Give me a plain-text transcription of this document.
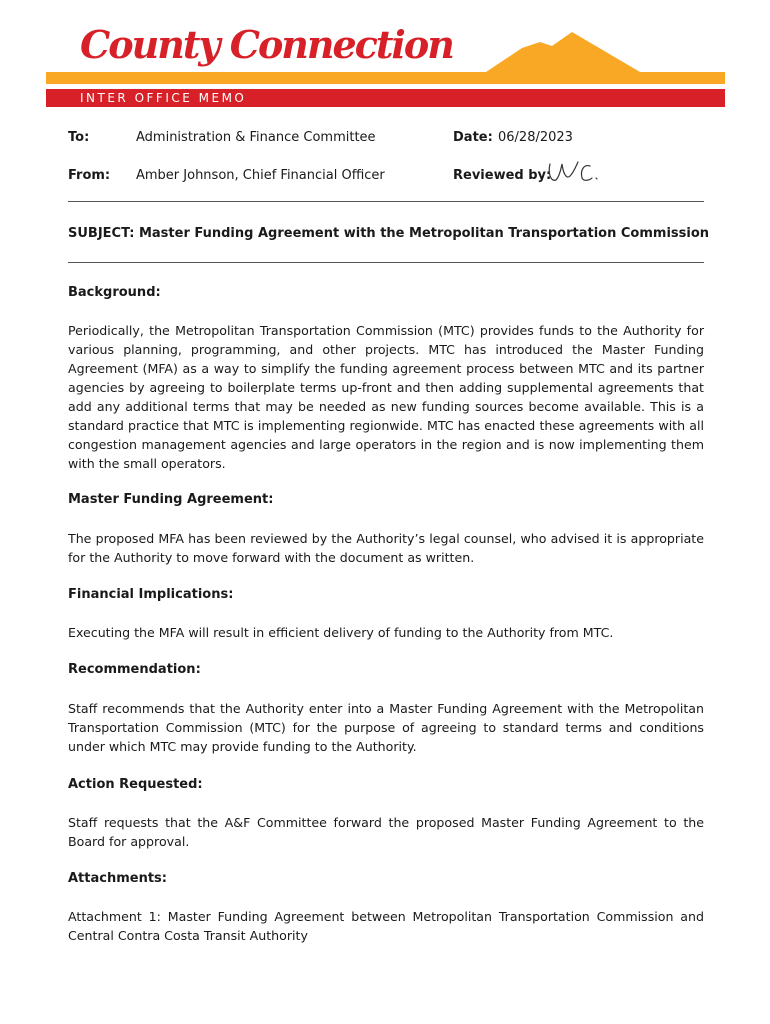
County Connection
INTER OFFICE MEMO
To:	Administration & Finance Committee	Date: 06/28/2023
From: Amber Johnson, Chief Financial Officer	Reviewed by:
SUBJECT: Master Funding Agreement with the Metropolitan Transportation Commission
Background:
Periodically, the Metropolitan Transportation Commission (MTC) provides funds to the Authority for various planning, programming, and other projects. MTC has introduced the Master Funding Agreement (MFA) as a way to simplify the funding agreement process between MTC and its partner agencies by agreeing to boilerplate terms up-front and then adding supplemental agreements that add any additional terms that may be needed as new funding sources become available. This is a standard practice that MTC is implementing regionwide. MTC has enacted these agreements with all congestion management agencies and large operators in the region and is now implementing them with the small operators.
Master Funding Agreement:
The proposed MFA has been reviewed by the Authority’s legal counsel, who advised it is appropriate for the Authority to move forward with the document as written.
Financial Implications:
Executing the MFA will result in efficient delivery of funding to the Authority from MTC.
Recommendation:
Staff recommends that the Authority enter into a Master Funding Agreement with the Metropolitan Transportation Commission (MTC) for the purpose of agreeing to standard terms and conditions under which MTC may provide funding to the Authority.
Action Requested:
Staff requests that the A&F Committee forward the proposed Master Funding Agreement to the Board for approval.
Attachments:
Attachment 1: Master Funding Agreement between Metropolitan Transportation Commission and Central Contra Costa Transit Authority
